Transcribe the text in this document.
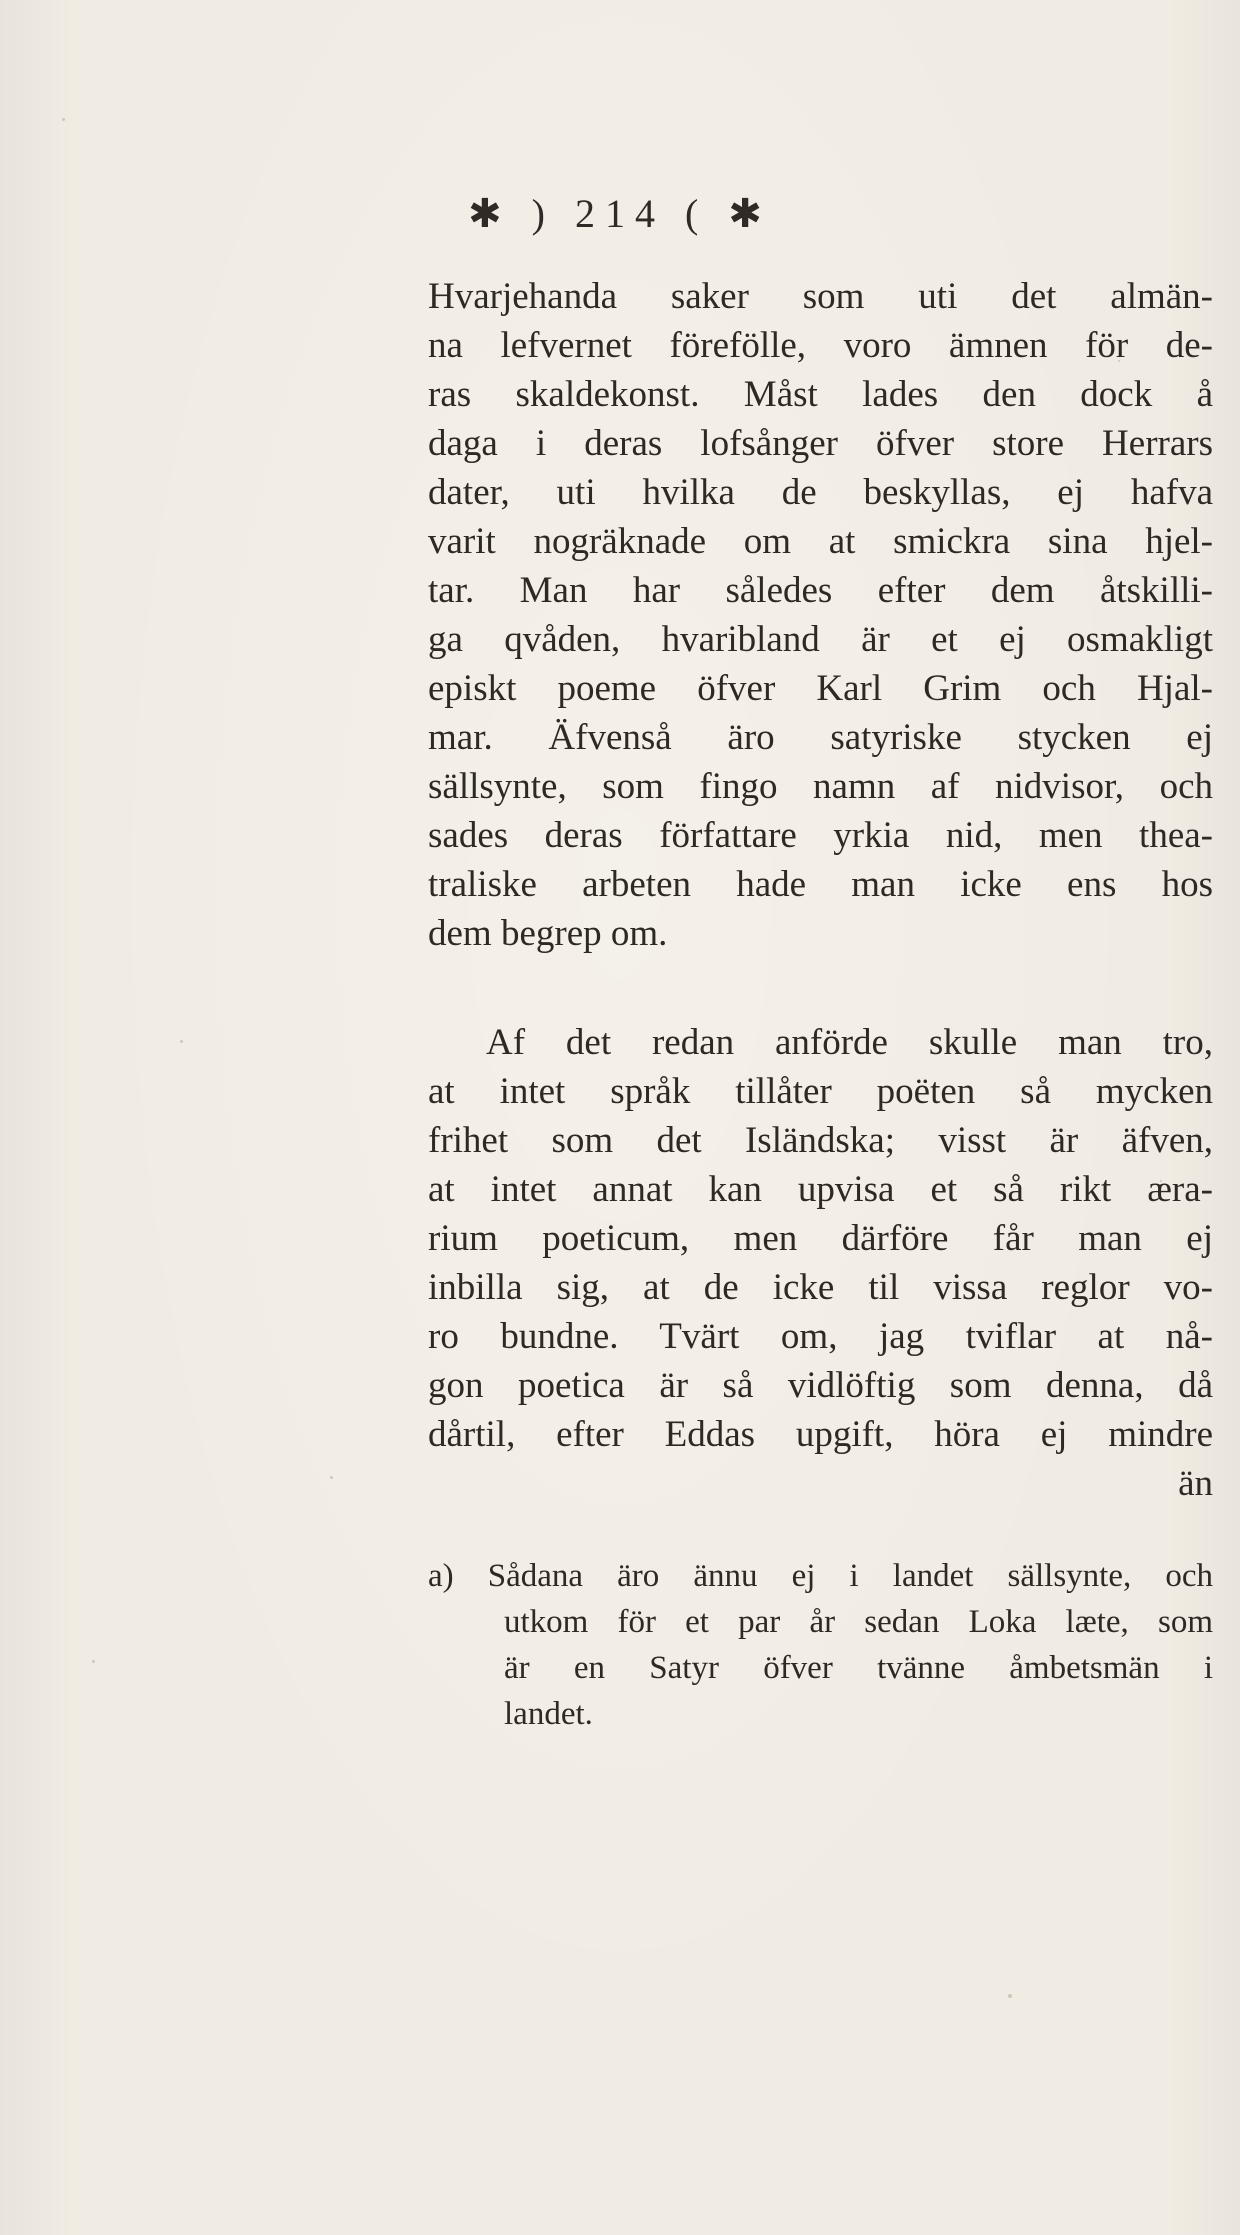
✱ ) 214 ( ✱
Hvarjehanda saker som uti det almän-
na lefvernet förefölle, voro ämnen för de-
ras skaldekonst. Måst lades den dock å
daga i deras lofsånger öfver store Herrars
dater, uti hvilka de beskyllas, ej hafva
varit nogräknade om at smickra sina hjel-
tar. Man har således efter dem åtskilli-
ga qvåden, hvaribland är et ej osmakligt
episkt poeme öfver Karl Grim och Hjal-
mar. Äfvenså äro satyriske stycken ej
sällsynte, som fingo namn af nidvisor, och
sades deras författare yrkia nid, men thea-
traliske arbeten hade man icke ens hos
dem begrep om.
Af det redan anförde skulle man tro,
at intet språk tillåter poëten så mycken
frihet som det Isländska; visst är äfven,
at intet annat kan upvisa et så rikt æra-
rium poeticum, men därföre får man ej
inbilla sig, at de icke til vissa reglor vo-
ro bundne. Tvärt om, jag tviflar at nå-
gon poetica är så vidlöftig som denna, då
dårtil, efter Eddas upgift, höra ej mindre
än
a) Sådana äro ännu ej i landet sällsynte, och
utkom för et par år sedan Loka læte, som
är en Satyr öfver tvänne åmbetsmän i
landet.
